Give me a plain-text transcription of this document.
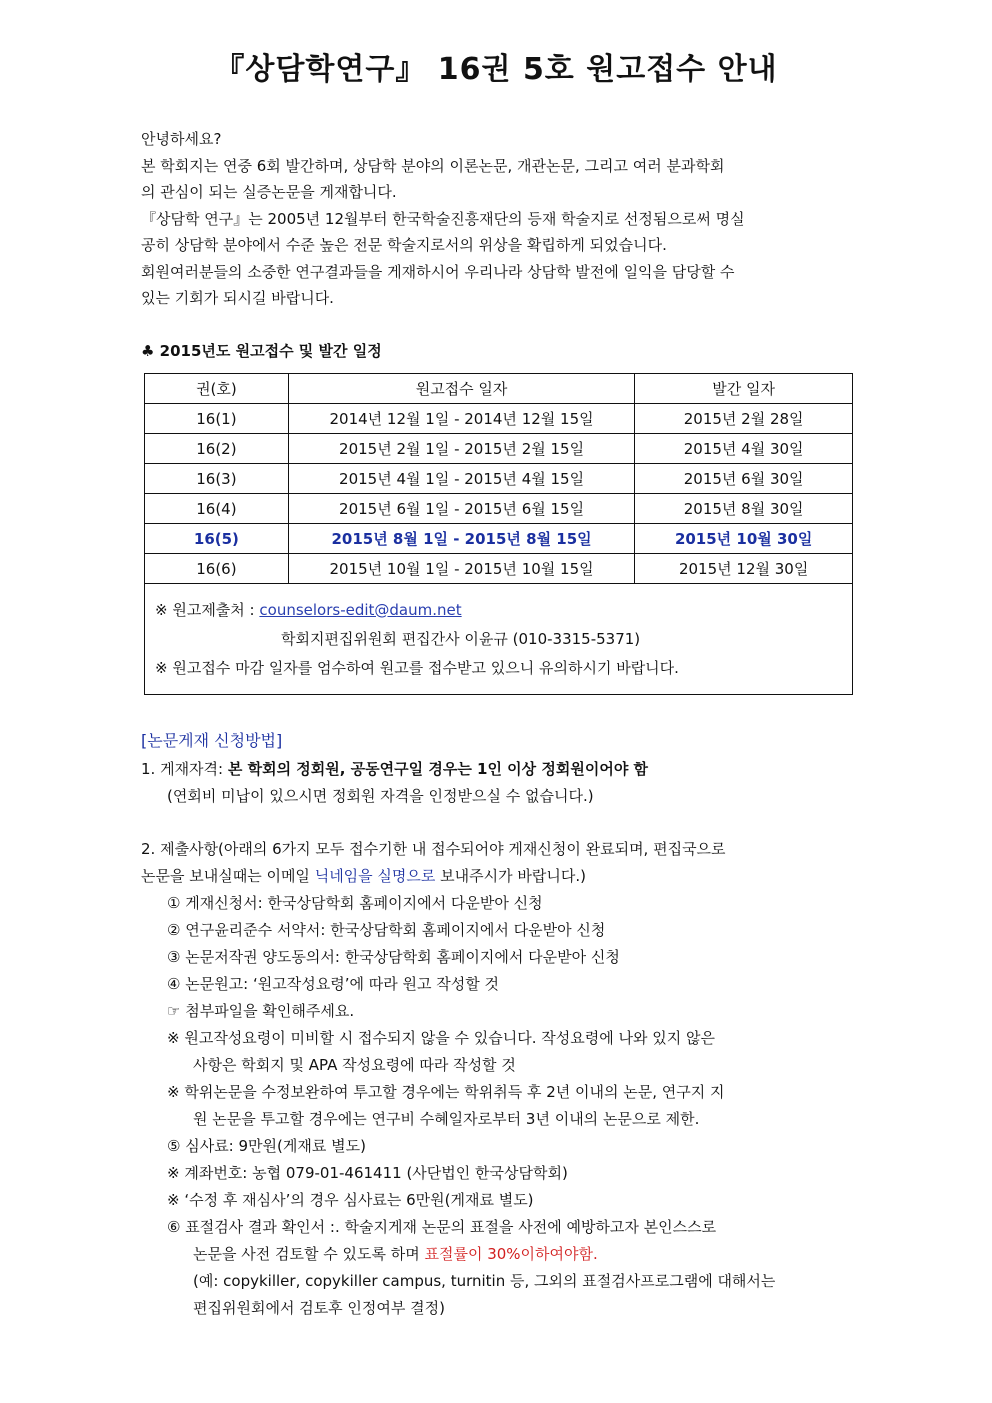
『상담학연구』 16권 5호 원고접수 안내

안녕하세요?

본 학회지는 연중 6회 발간하며, 상담학 분야의 이론논문, 개관논문, 그리고 여러 분과학회

의 관심이 되는 실증논문을 게재합니다.

『상담학 연구』는 2005년 12월부터 한국학술진흥재단의 등재 학술지로 선정됨으로써 명실

공히 상담학 분야에서 수준 높은 전문 학술지로서의 위상을 확립하게 되었습니다.

회원여러분들의 소중한 연구결과들을 게재하시어 우리나라 상담학 발전에 일익을 담당할 수

있는 기회가 되시길 바랍니다.

♣ 2015년도 원고접수 및 발간 일정
권(호)	원고접수 일자	발간 일자
16(1)	2014년 12월 1일 - 2014년 12월 15일	2015년 2월 28일
16(2)	2015년 2월 1일 - 2015년 2월 15일	2015년 4월 30일
16(3)	2015년 4월 1일 - 2015년 4월 15일	2015년 6월 30일
16(4)	2015년 6월 1일 - 2015년 6월 15일	2015년 8월 30일
16(5)	2015년 8월 1일 - 2015년 8월 15일	2015년 10월 30일
16(6)	2015년 10월 1일 - 2015년 10월 15일	2015년 12월 30일

※ 원고제출처 : counselors-edit@daum.net
학회지편집위원회 편집간사 이윤규 (010-3315-5371)
※ 원고접수 마감 일자를 엄수하여 원고를 접수받고 있으니 유의하시기 바랍니다.		
[논문게재 신청방법]

1. 게재자격: 본 학회의 정회원, 공동연구일 경우는 1인 이상 정회원이어야 함

(연회비 미납이 있으시면 정회원 자격을 인정받으실 수 없습니다.)

2. 제출사항(아래의 6가지 모두 접수기한 내 접수되어야 게재신청이 완료되며, 편집국으로

논문을 보내실때는 이메일 닉네임을 실명으로 보내주시가 바랍니다.)

① 게재신청서: 한국상담학회 홈페이지에서 다운받아 신청

② 연구윤리준수 서약서: 한국상담학회 홈페이지에서 다운받아 신청

③ 논문저작권 양도동의서: 한국상담학회 홈페이지에서 다운받아 신청

④ 논문원고: ‘원고작성요령’에 따라 원고 작성할 것

☞ 첨부파일을 확인해주세요.

※ 원고작성요령이 미비할 시 접수되지 않을 수 있습니다. 작성요령에 나와 있지 않은

사항은 학회지 및 APA 작성요령에 따라 작성할 것

※ 학위논문을 수정보완하여 투고할 경우에는 학위취득 후 2년 이내의 논문, 연구지 지

원 논문을 투고할 경우에는 연구비 수혜일자로부터 3년 이내의 논문으로 제한.

⑤ 심사료: 9만원(게재료 별도)

※ 계좌번호: 농협 079-01-461411 (사단법인 한국상담학회)

※ ‘수정 후 재심사’의 경우 심사료는 6만원(게재료 별도)

⑥ 표절검사 결과 확인서 :. 학술지게재 논문의 표절을 사전에 예방하고자 본인스스로

논문을 사전 검토할 수 있도록 하며 표절률이 30%이하여야함.

(예: copykiller, copykiller campus, turnitin 등, 그외의 표절검사프로그램에 대해서는

편집위원회에서 검토후 인정여부 결정)
